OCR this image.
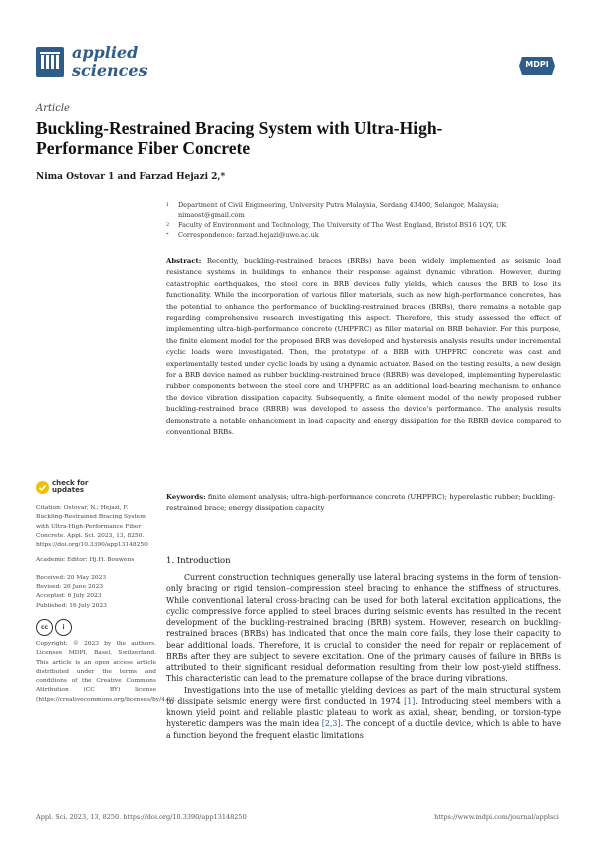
applied
sciences	MDPI
Article
Buckling-Restrained Bracing System with Ultra-High-Performance Fiber Concrete
Nima Ostovar 1 and Farzad Hejazi 2,*
1	Department of Civil Engineering, University Putra Malaysia, Serdang 43400, Selangor, Malaysia; nimaost@gmail.com
2	Faculty of Environment and Technology, The University of The West England, Bristol BS16 1QY, UK
*	Correspondence: farzad.hejazi@uwe.ac.uk
Abstract: Recently, buckling-restrained braces (BRBs) have been widely implemented as seismic load resistance systems in buildings to enhance their response against dynamic vibration. However, during catastrophic earthquakes, the steel core in BRB devices fully yields, which causes the BRB to lose its functionality. While the incorporation of various filler materials, such as new high-performance concretes, has the potential to enhance the performance of buckling-restrained braces (BRBs), there remains a notable gap regarding comprehensive research investigating this aspect. Therefore, this study assessed the effect of implementing ultra-high-performance concrete (UHPFRC) as filler material on BRB behavior. For this purpose, the finite element model for the proposed BRB was developed and hysteresis analysis results under incremental cyclic loads were investigated. Then, the prototype of a BRB with UHPFRC concrete was cast and experimentally tested under cyclic loads by using a dynamic actuator. Based on the testing results, a new design for a BRB device named as rubber buckling-restrained brace (RBRB) was developed, implementing hyperelastic rubber components between the steel core and UHPFRC as an additional load-bearing mechanism to enhance the device vibration dissipation capacity. Subsequently, a finite element model of the newly proposed rubber buckling-restrained brace (RBRB) was developed to assess the device's performance. The analysis results demonstrate a notable enhancement in load capacity and energy dissipation for the RBRB device compared to conventional BRBs.
Keywords: finite element analysis; ultra-high-performance concrete (UHPFRC); hyperelastic rubber; buckling-restrained brace; energy dissipation capacity
check for
updates

Citation: Ostovar, N.; Hejazi, F. Buckling-Restrained Bracing System with Ultra-High-Performance Fiber Concrete. Appl. Sci. 2023, 13, 8250. https://doi.org/10.3390/app13148250

Academic Editor: Hj.H. Bouwens

Received: 20 May 2023

Revised: 26 June 2023

Accepted: 6 July 2023

Published: 16 July 2023

cc	i

Copyright: © 2023 by the authors. Licensee MDPI, Basel, Switzerland. This article is an open access article distributed under the terms and conditions of the Creative Commons Attribution (CC BY) license (https://creativecommons.org/licenses/by/4.0/).

1. Introduction

Current construction techniques generally use lateral bracing systems in the form of tension-only bracing or rigid tension–compression steel bracing to enhance the stiffness of structures. While conventional lateral cross-bracing can be used for both lateral excitation applications, the cyclic compressive force applied to steel braces during seismic events has resulted in the recent development of the buckling-restrained bracing (BRB) system. However, research on buckling-restrained braces (BRBs) has indicated that once the main core fails, they lose their capacity to bear additional loads. Therefore, it is crucial to consider the need for repair or replacement of BRBs after they are subject to severe excitation. One of the primary causes of failure in BRBs is attributed to their significant residual deformation resulting from their low post-yield stiffness. This characteristic can lead to the premature collapse of the brace during vibrations.

Investigations into the use of metallic yielding devices as part of the main structural system to dissipate seismic energy were first conducted in 1974 [1]. Introducing steel members with a known yield point and reliable plastic plateau to work as axial, shear, bending, or torsion-type hysteretic dampers was the main idea [2,3]. The concept of a ductile device, which is able to have a function beyond the frequent elastic limitations

Appl. Sci. 2023, 13, 8250. https://doi.org/10.3390/app13148250	https://www.mdpi.com/journal/applsci
